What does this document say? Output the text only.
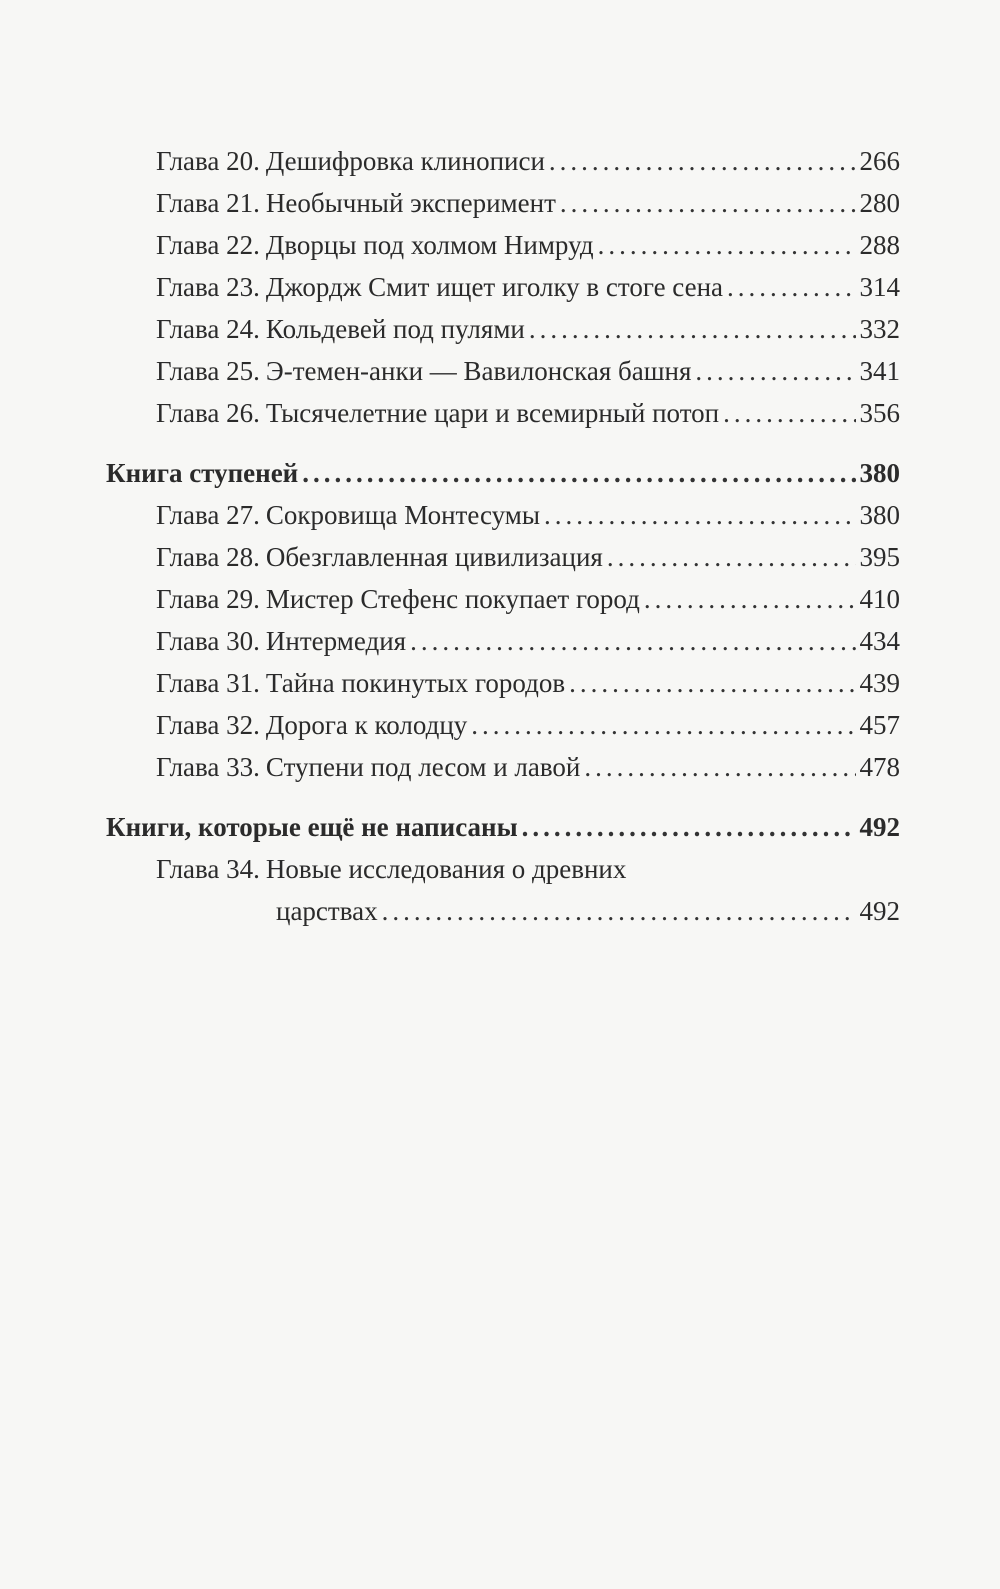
Глава 20. Дешифровка клинописи .....	266
Глава 21. Необычный эксперимент .....	280
Глава 22. Дворцы под холмом Нимруд .....	288
Глава 23. Джордж Смит ищет иголку в стоге сена .....	314
Глава 24. Кольдевей под пулями .....	332
Глава 25. Э-темен-анки — Вавилонская башня .....	341
Глава 26. Тысячелетние цари и всемирный потоп .....	356
Книга ступеней .....	380
Глава 27. Сокровища Монтесумы .....	380
Глава 28. Обезглавленная цивилизация .....	395
Глава 29. Мистер Стефенс покупает город .....	410
Глава 30. Интермедия .....	434
Глава 31. Тайна покинутых городов .....	439
Глава 32. Дорога к колодцу .....	457
Глава 33. Ступени под лесом и лавой .....	478
Книги, которые ещё не написаны .....	492
Глава 34. Новые исследования о древних
царствах .....	492
